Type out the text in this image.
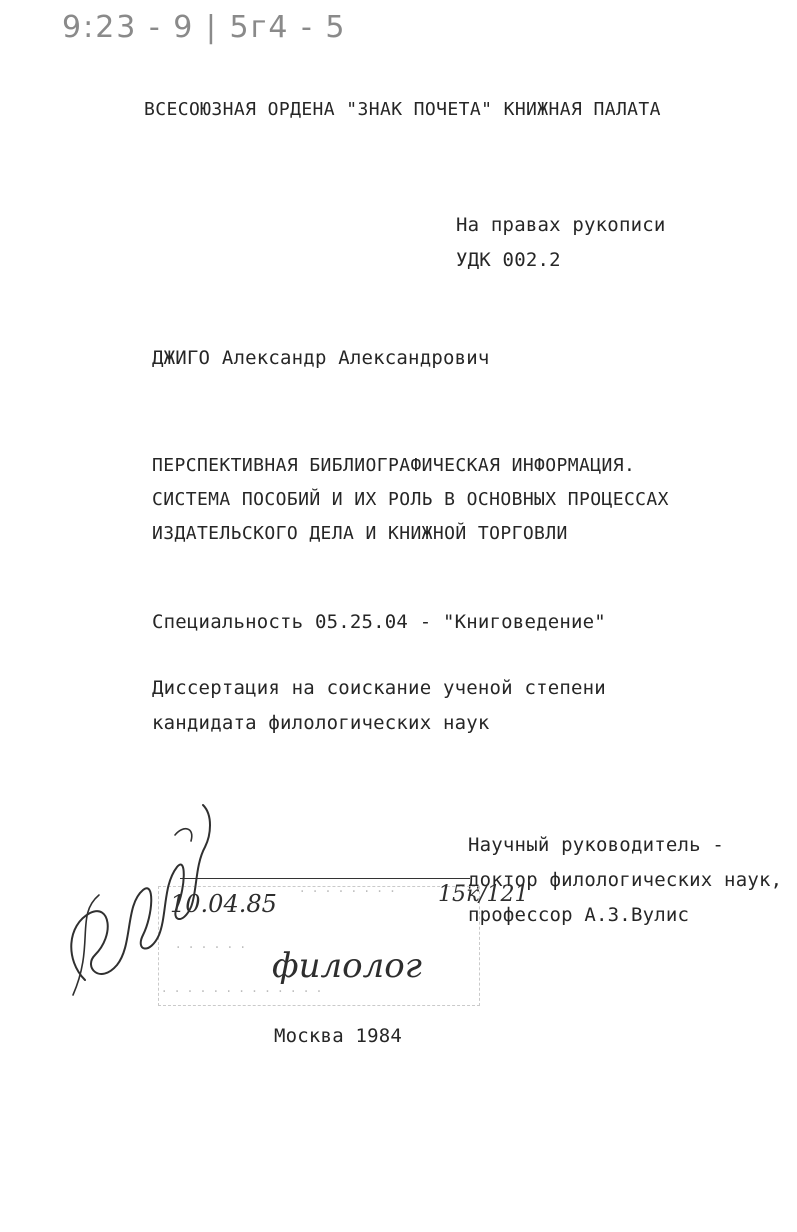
9:23 - 9 | 5г4 - 5
ВСЕСОЮЗНАЯ ОРДЕНА "ЗНАК ПОЧЕТА" КНИЖНАЯ ПАЛАТА
На правах рукописи
УДК 002.2
ДЖИГО Александр Александрович
ПЕРСПЕКТИВНАЯ БИБЛИОГРАФИЧЕСКАЯ ИНФОРМАЦИЯ.
СИСТЕМА ПОСОБИЙ И ИХ РОЛЬ В ОСНОВНЫХ ПРОЦЕССАХ
ИЗДАТЕЛЬСКОГО ДЕЛА И КНИЖНОЙ ТОРГОВЛИ
Специальность 05.25.04 - "Книговедение"
Диссертация на соискание ученой степени
кандидата филологических наук
Научный руководитель -
доктор филологических наук,
профессор А.З.Вулис
· · · · · · · ·
· · · · · ·
· · · · · · · · · · · · ·
10.04.85	15к/121
филолог
Москва 1984
